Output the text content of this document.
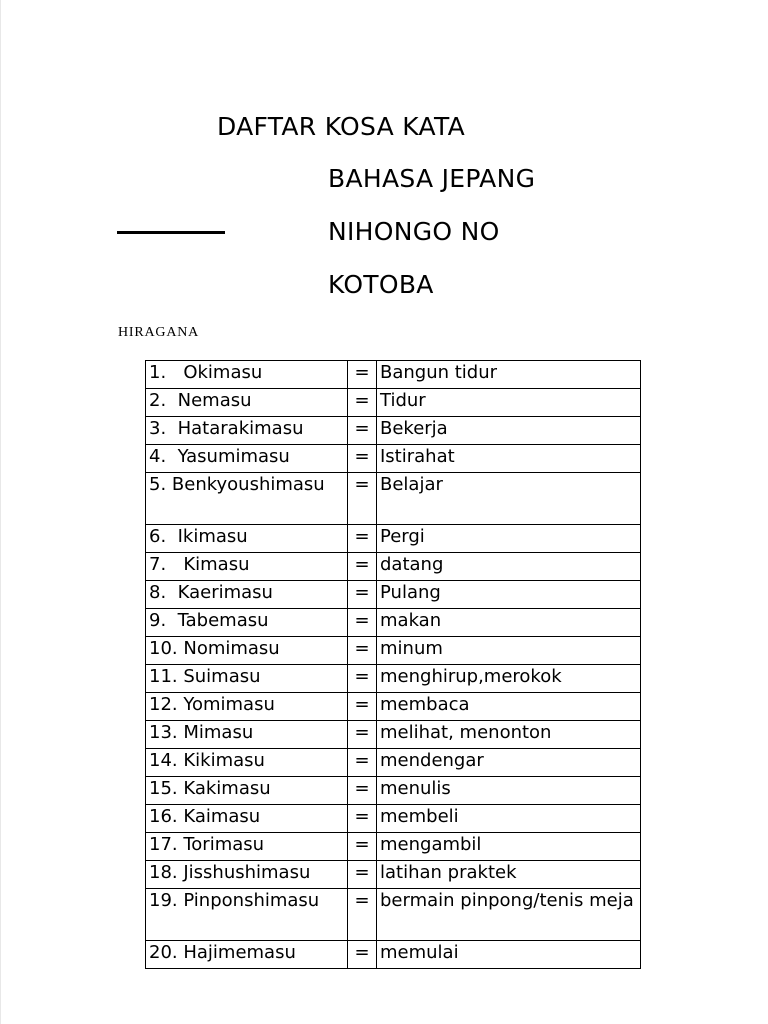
DAFTAR KOSA KATA
BAHASA JEPANG
NIHONGO NO
KOTOBA
HIRAGANA
1.   Okimasu	=	Bangun tidur
2.  Nemasu	=	Tidur
3.  Hatarakimasu	=	Bekerja
4.  Yasumimasu	=	Istirahat
5. Benkyoushimasu	=	Belajar
6.  Ikimasu	=	Pergi
7.   Kimasu	=	datang
8.  Kaerimasu	=	Pulang
9.  Tabemasu	=	makan
10. Nomimasu	=	minum
11. Suimasu	=	menghirup,merokok
12. Yomimasu	=	membaca
13. Mimasu	=	melihat, menonton
14. Kikimasu	=	mendengar
15. Kakimasu	=	menulis
16. Kaimasu	=	membeli
17. Torimasu	=	mengambil
18. Jisshushimasu	=	latihan praktek
19. Pinponshimasu	=	bermain pinpong/tenis meja
20. Hajimemasu	=	memulai
